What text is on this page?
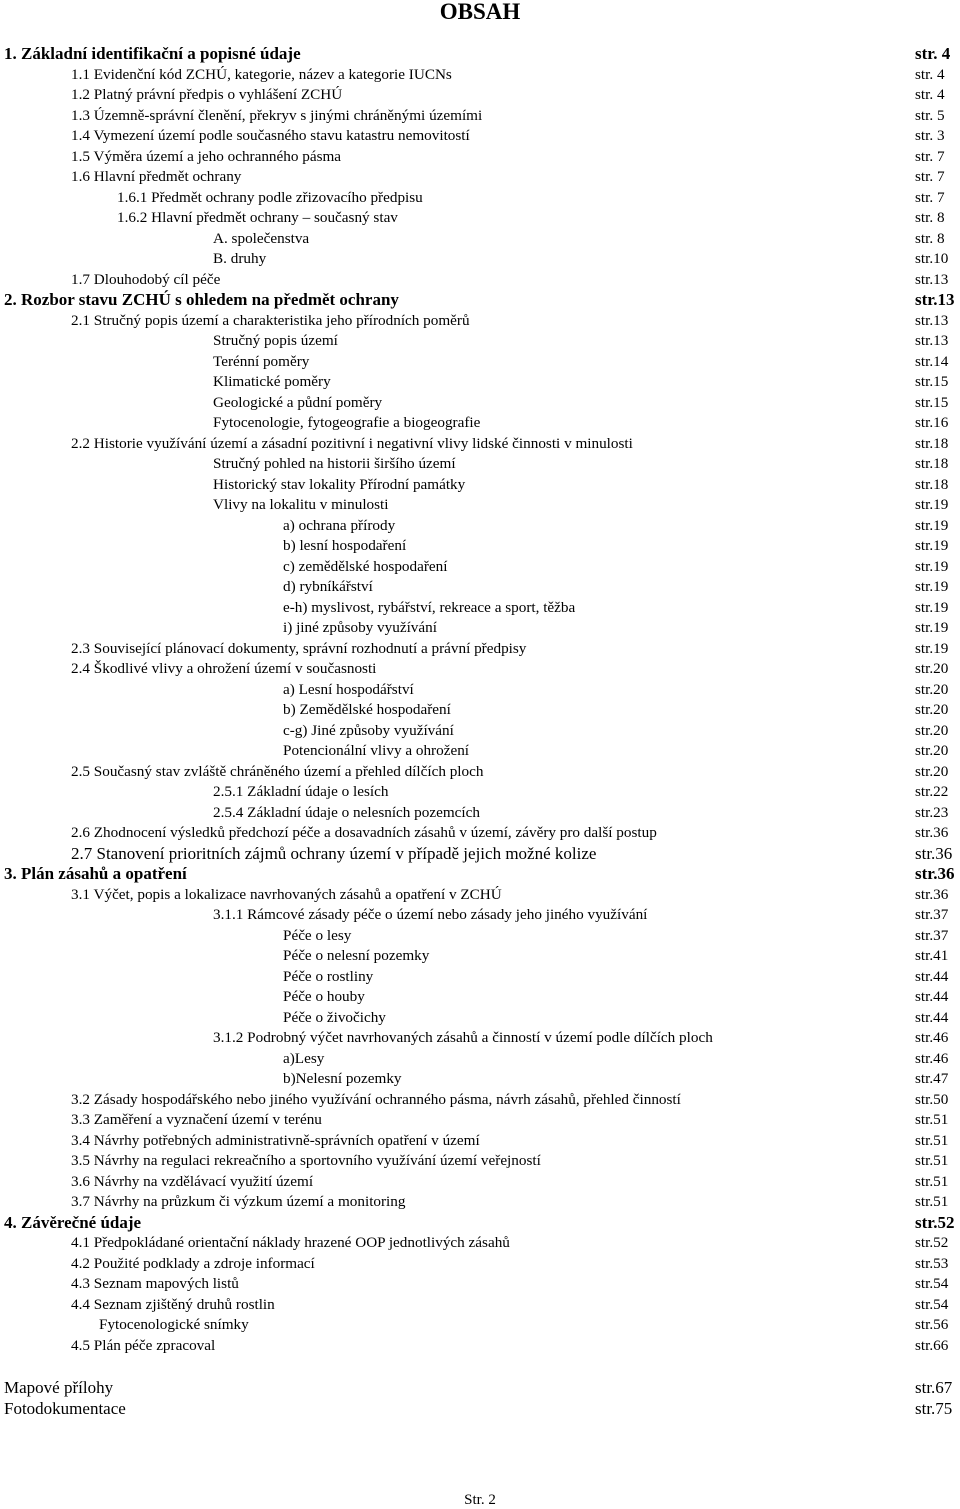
OBSAH
1. Základní identifikační a popisné údaje	str. 4
1.1 Evidenční kód ZCHÚ, kategorie, název a kategorie IUCNs	str. 4
1.2 Platný právní předpis o vyhlášení ZCHÚ	str. 4
1.3 Územně-správní členění, překryv s jinými chráněnými územími	str. 5
1.4 Vymezení území podle současného stavu katastru nemovitostí	str. 3
1.5 Výměra území a jeho ochranného pásma	str. 7
1.6 Hlavní předmět ochrany	str. 7
1.6.1 Předmět ochrany podle zřizovacího předpisu	str. 7
1.6.2 Hlavní předmět ochrany – současný stav	str. 8
A. společenstva	str. 8
B. druhy	str.10
1.7 Dlouhodobý cíl péče	str.13
2. Rozbor stavu ZCHÚ s ohledem na předmět ochrany	str.13
2.1 Stručný popis území a charakteristika jeho přírodních poměrů	str.13
Stručný popis území	str.13
Terénní poměry	str.14
Klimatické poměry	str.15
Geologické a půdní poměry	str.15
Fytocenologie, fytogeografie a biogeografie	str.16
2.2 Historie využívání území a zásadní pozitivní i negativní vlivy lidské činnosti v minulosti	str.18
Stručný pohled na historii širšího území	str.18
Historický stav lokality Přírodní památky	str.18
Vlivy na lokalitu v minulosti	str.19
a) ochrana přírody	str.19
b) lesní hospodaření	str.19
c) zemědělské hospodaření	str.19
d) rybníkářství	str.19
e-h) myslivost, rybářství, rekreace a sport, těžba	str.19
i) jiné způsoby využívání	str.19
2.3 Související plánovací dokumenty, správní rozhodnutí a právní předpisy	str.19
2.4 Škodlivé vlivy a ohrožení území v současnosti	str.20
a) Lesní hospodářství	str.20
b) Zemědělské hospodaření	str.20
c-g) Jiné způsoby využívání	str.20
Potencionální vlivy a ohrožení	str.20
2.5 Současný stav zvláště chráněného území a přehled dílčích ploch	str.20
2.5.1 Základní údaje o lesích	str.22
2.5.4 Základní údaje o nelesních pozemcích	str.23
2.6 Zhodnocení výsledků předchozí péče a dosavadních zásahů v území, závěry pro další postup	str.36
2.7 Stanovení prioritních zájmů ochrany území v případě jejich možné kolize	str.36
3. Plán zásahů a opatření	str.36
3.1 Výčet, popis a lokalizace navrhovaných zásahů a opatření v ZCHÚ	str.36
3.1.1 Rámcové zásady péče o území nebo zásady jeho jiného využívání	str.37
Péče o lesy	str.37
Péče o nelesní pozemky	str.41
Péče o rostliny	str.44
Péče o houby	str.44
Péče o živočichy	str.44
3.1.2 Podrobný výčet navrhovaných zásahů a činností v území podle dílčích ploch	str.46
a)Lesy	str.46
b)Nelesní pozemky	str.47
3.2 Zásady hospodářského nebo jiného využívání ochranného pásma, návrh zásahů, přehled činností	str.50
3.3 Zaměření a vyznačení území v terénu	str.51
3.4 Návrhy potřebných administrativně-správních opatření v území	str.51
3.5 Návrhy na regulaci rekreačního a sportovního využívání území veřejností	str.51
3.6 Návrhy na vzdělávací využití území	str.51
3.7 Návrhy na průzkum či výzkum území a monitoring	str.51
4. Závěrečné údaje	str.52
4.1 Předpokládané orientační náklady hrazené OOP jednotlivých zásahů	str.52
4.2 Použité podklady a zdroje informací	str.53
4.3 Seznam mapových listů	str.54
4.4 Seznam zjištěný druhů rostlin	str.54
Fytocenologické snímky	str.56
4.5 Plán péče zpracoval	str.66
Mapové přílohy	str.67
Fotodokumentace	str.75
Str. 2
